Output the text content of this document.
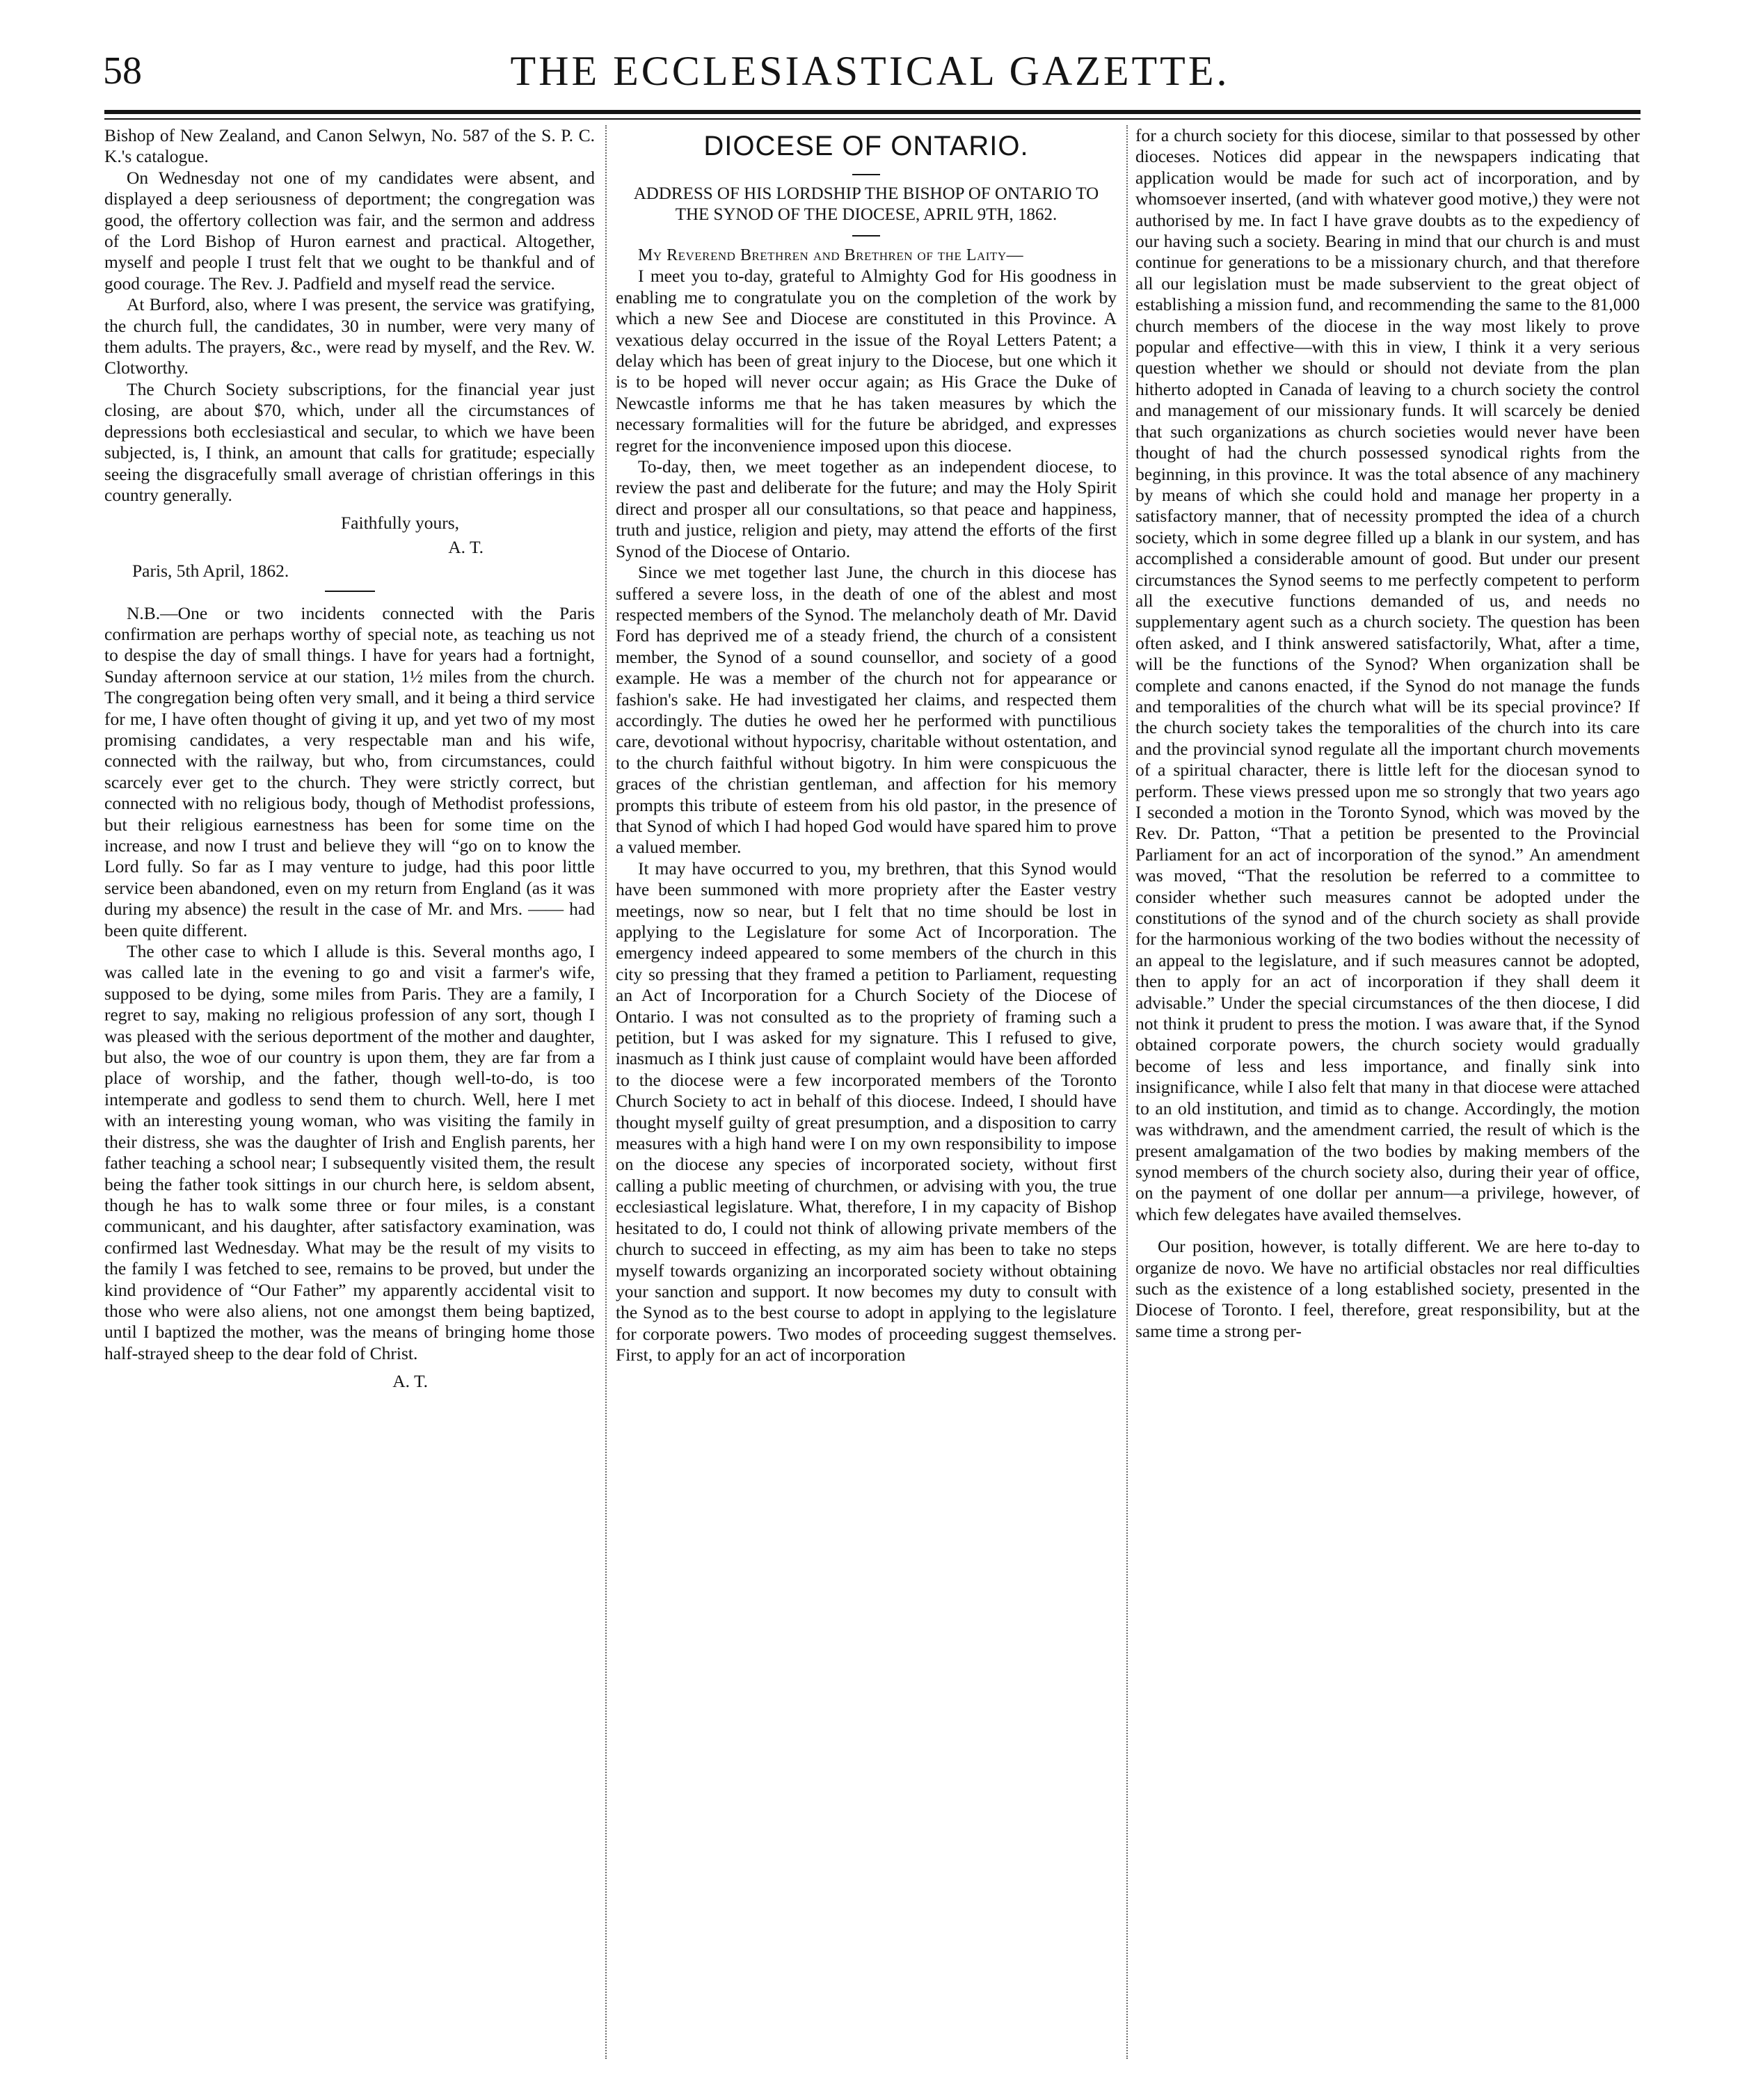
58	THE ECCLESIASTICAL GAZETTE.

Bishop of New Zealand, and Canon Selwyn, No. 587 of the S. P. C. K.'s catalogue.

On Wednesday not one of my candidates were absent, and displayed a deep seriousness of deportment; the congregation was good, the offertory collection was fair, and the sermon and address of the Lord Bishop of Huron earnest and practical. Altogether, myself and people I trust felt that we ought to be thankful and of good courage. The Rev. J. Padfield and myself read the service.

At Burford, also, where I was present, the service was gratifying, the church full, the candidates, 30 in number, were very many of them adults. The prayers, &c., were read by myself, and the Rev. W. Clotworthy.

The Church Society subscriptions, for the financial year just closing, are about $70, which, under all the circumstances of depressions both ecclesiastical and secular, to which we have been subjected, is, I think, an amount that calls for gratitude; especially seeing the disgracefully small average of christian offerings in this country generally.

Faithfully yours,
A. T.

Paris, 5th April, 1862.

N.B.—One or two incidents connected with the Paris confirmation are perhaps worthy of special note, as teaching us not to despise the day of small things. I have for years had a fortnight, Sunday afternoon service at our station, 1½ miles from the church. The congregation being often very small, and it being a third service for me, I have often thought of giving it up, and yet two of my most promising candidates, a very respectable man and his wife, connected with the railway, but who, from circumstances, could scarcely ever get to the church. They were strictly correct, but connected with no religious body, though of Methodist professions, but their religious earnestness has been for some time on the increase, and now I trust and believe they will “go on to know the Lord fully. So far as I may venture to judge, had this poor little service been abandoned, even on my return from England (as it was during my absence) the result in the case of Mr. and Mrs. —— had been quite different.

The other case to which I allude is this. Several months ago, I was called late in the evening to go and visit a farmer's wife, supposed to be dying, some miles from Paris. They are a family, I regret to say, making no religious profession of any sort, though I was pleased with the serious deportment of the mother and daughter, but also, the woe of our country is upon them, they are far from a place of worship, and the father, though well-to-do, is too intemperate and godless to send them to church. Well, here I met with an interesting young woman, who was visiting the family in their distress, she was the daughter of Irish and English parents, her father teaching a school near; I subsequently visited them, the result being the father took sittings in our church here, is seldom absent, though he has to walk some three or four miles, is a constant communicant, and his daughter, after satisfactory examination, was confirmed last Wednesday. What may be the result of my visits to the family I was fetched to see, remains to be proved, but under the kind providence of “Our Father” my apparently accidental visit to those who were also aliens, not one amongst them being baptized, until I baptized the mother, was the means of bringing home those half-strayed sheep to the dear fold of Christ.

A. T.
DIOCESE OF ONTARIO.

ADDRESS OF HIS LORDSHIP THE BISHOP OF ONTARIO TO THE SYNOD OF THE DIOCESE, APRIL 9TH, 1862.

My Reverend Brethren and Brethren of the Laity—

I meet you to-day, grateful to Almighty God for His goodness in enabling me to congratulate you on the completion of the work by which a new See and Diocese are constituted in this Province. A vexatious delay occurred in the issue of the Royal Letters Patent; a delay which has been of great injury to the Diocese, but one which it is to be hoped will never occur again; as His Grace the Duke of Newcastle informs me that he has taken measures by which the necessary formalities will for the future be abridged, and expresses regret for the inconvenience imposed upon this diocese.

To-day, then, we meet together as an independent diocese, to review the past and deliberate for the future; and may the Holy Spirit direct and prosper all our consultations, so that peace and happiness, truth and justice, religion and piety, may attend the efforts of the first Synod of the Diocese of Ontario.

Since we met together last June, the church in this diocese has suffered a severe loss, in the death of one of the ablest and most respected members of the Synod. The melancholy death of Mr. David Ford has deprived me of a steady friend, the church of a consistent member, the Synod of a sound counsellor, and society of a good example. He was a member of the church not for appearance or fashion's sake. He had investigated her claims, and respected them accordingly. The duties he owed her he performed with punctilious care, devotional without hypocrisy, charitable without ostentation, and to the church faithful without bigotry. In him were conspicuous the graces of the christian gentleman, and affection for his memory prompts this tribute of esteem from his old pastor, in the presence of that Synod of which I had hoped God would have spared him to prove a valued member.

It may have occurred to you, my brethren, that this Synod would have been summoned with more propriety after the Easter vestry meetings, now so near, but I felt that no time should be lost in applying to the Legislature for some Act of Incorporation. The emergency indeed appeared to some members of the church in this city so pressing that they framed a petition to Parliament, requesting an Act of Incorporation for a Church Society of the Diocese of Ontario. I was not consulted as to the propriety of framing such a petition, but I was asked for my signature. This I refused to give, inasmuch as I think just cause of complaint would have been afforded to the diocese were a few incorporated members of the Toronto Church Society to act in behalf of this diocese. Indeed, I should have thought myself guilty of great presumption, and a disposition to carry measures with a high hand were I on my own responsibility to impose on the diocese any species of incorporated society, without first calling a public meeting of churchmen, or advising with you, the true ecclesiastical legislature. What, therefore, I in my capacity of Bishop hesitated to do, I could not think of allowing private members of the church to succeed in effecting, as my aim has been to take no steps myself towards organizing an incorporated society without obtaining your sanction and support. It now becomes my duty to consult with the Synod as to the best course to adopt in applying to the legislature for corporate powers. Two modes of proceeding suggest themselves. First, to apply for an act of incorporation

for a church society for this diocese, similar to that possessed by other dioceses. Notices did appear in the newspapers indicating that application would be made for such act of incorporation, and by whomsoever inserted, (and with whatever good motive,) they were not authorised by me. In fact I have grave doubts as to the expediency of our having such a society. Bearing in mind that our church is and must continue for generations to be a missionary church, and that therefore all our legislation must be made subservient to the great object of establishing a mission fund, and recommending the same to the 81,000 church members of the diocese in the way most likely to prove popular and effective—with this in view, I think it a very serious question whether we should or should not deviate from the plan hitherto adopted in Canada of leaving to a church society the control and management of our missionary funds. It will scarcely be denied that such organizations as church societies would never have been thought of had the church possessed synodical rights from the beginning, in this province. It was the total absence of any machinery by means of which she could hold and manage her property in a satisfactory manner, that of necessity prompted the idea of a church society, which in some degree filled up a blank in our system, and has accomplished a considerable amount of good. But under our present circumstances the Synod seems to me perfectly competent to perform all the executive functions demanded of us, and needs no supplementary agent such as a church society. The question has been often asked, and I think answered satisfactorily, What, after a time, will be the functions of the Synod? When organization shall be complete and canons enacted, if the Synod do not manage the funds and temporalities of the church what will be its special province? If the church society takes the temporalities of the church into its care and the provincial synod regulate all the important church movements of a spiritual character, there is little left for the diocesan synod to perform. These views pressed upon me so strongly that two years ago I seconded a motion in the Toronto Synod, which was moved by the Rev. Dr. Patton, “That a petition be presented to the Provincial Parliament for an act of incorporation of the synod.” An amendment was moved, “That the resolution be referred to a committee to consider whether such measures cannot be adopted under the constitutions of the synod and of the church society as shall provide for the harmonious working of the two bodies without the necessity of an appeal to the legislature, and if such measures cannot be adopted, then to apply for an act of incorporation if they shall deem it advisable.” Under the special circumstances of the then diocese, I did not think it prudent to press the motion. I was aware that, if the Synod obtained corporate powers, the church society would gradually become of less and less importance, and finally sink into insignificance, while I also felt that many in that diocese were attached to an old institution, and timid as to change. Accordingly, the motion was withdrawn, and the amendment carried, the result of which is the present amalgamation of the two bodies by making members of the synod members of the church society also, during their year of office, on the payment of one dollar per annum—a privilege, however, of which few delegates have availed themselves.

Our position, however, is totally different. We are here to-day to organize de novo. We have no artificial obstacles nor real difficulties such as the existence of a long established society, presented in the Diocese of Toronto. I feel, therefore, great responsibility, but at the same time a strong per-
